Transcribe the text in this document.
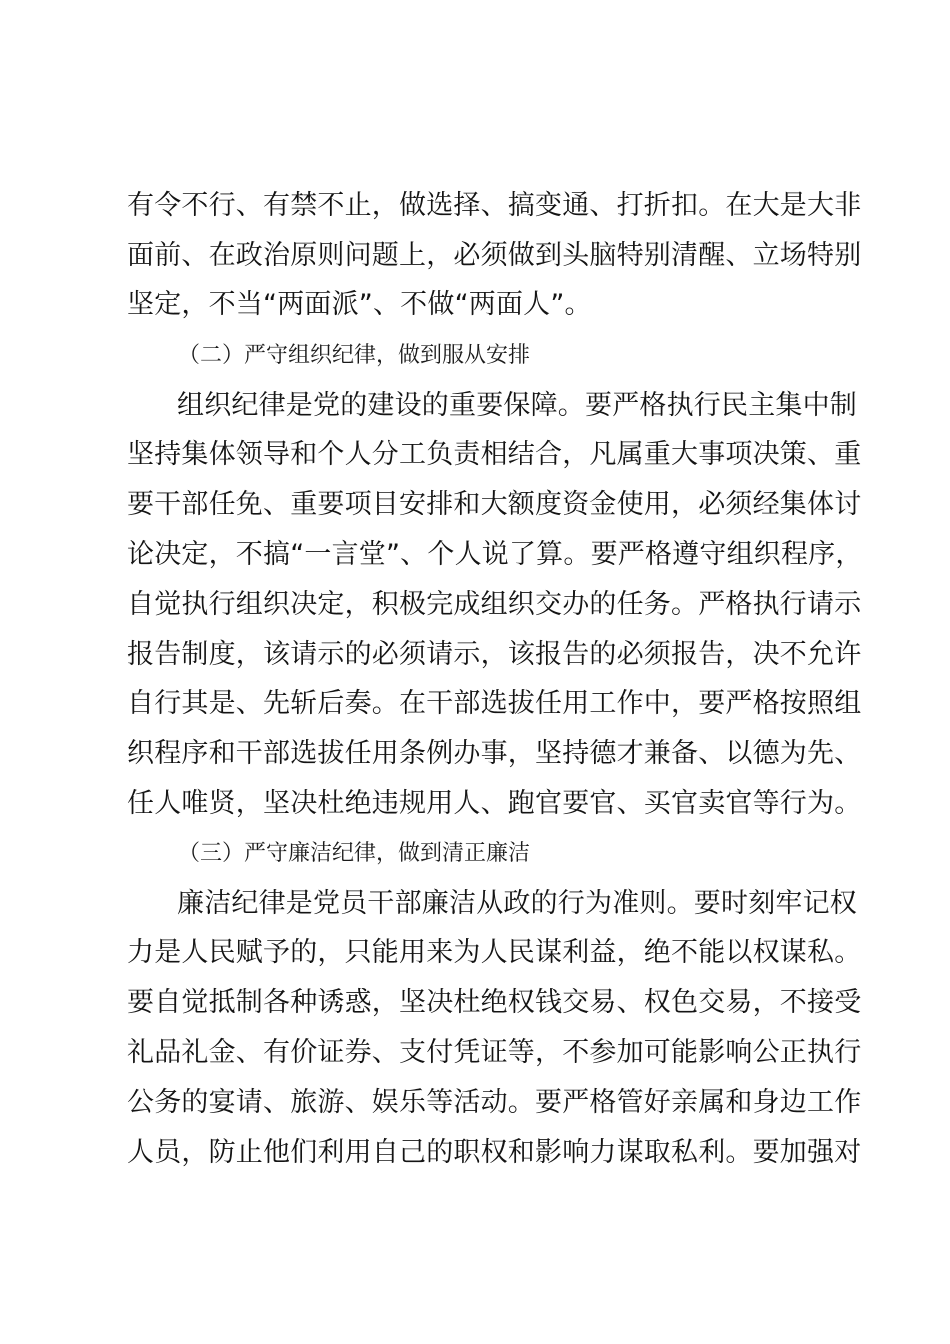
有令不行、有禁不止，做选择、搞变通、打折扣。在大是大非
面前、在政治原则问题上，必须做到头脑特别清醒、立场特别
坚定，不当“两面派”、不做“两面人”。
（二）严守组织纪律，做到服从安排
组织纪律是党的建设的重要保障。要严格执行民主集中制
坚持集体领导和个人分工负责相结合，凡属重大事项决策、重
要干部任免、重要项目安排和大额度资金使用，必须经集体讨
论决定，不搞“一言堂”、个人说了算。要严格遵守组织程序，
自觉执行组织决定，积极完成组织交办的任务。严格执行请示
报告制度，该请示的必须请示，该报告的必须报告，决不允许
自行其是、先斩后奏。在干部选拔任用工作中，要严格按照组
织程序和干部选拔任用条例办事，坚持德才兼备、以德为先、
任人唯贤，坚决杜绝违规用人、跑官要官、买官卖官等行为。
（三）严守廉洁纪律，做到清正廉洁
廉洁纪律是党员干部廉洁从政的行为准则。要时刻牢记权
力是人民赋予的，只能用来为人民谋利益，绝不能以权谋私。
要自觉抵制各种诱惑，坚决杜绝权钱交易、权色交易，不接受
礼品礼金、有价证券、支付凭证等，不参加可能影响公正执行
公务的宴请、旅游、娱乐等活动。要严格管好亲属和身边工作
人员，防止他们利用自己的职权和影响力谋取私利。要加强对
